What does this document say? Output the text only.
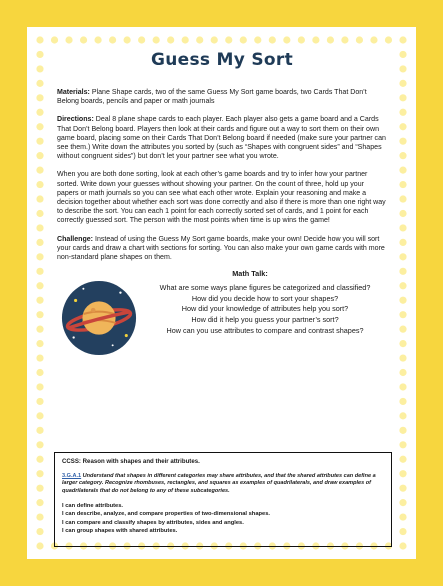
Guess My Sort

Materials: Plane Shape cards, two of the same Guess My Sort game boards, two Cards That Don’t Belong boards, pencils and paper or math journals

Directions: Deal 8 plane shape cards to each player. Each player also gets a game board and a Cards That Don’t Belong board. Players then look at their cards and figure out a way to sort them on their own game board, placing some on their Cards That Don’t Belong board if needed (make sure your partner can see them.) Write down the attributes you sorted by (such as “Shapes with congruent sides” and “Shapes without congruent sides”) but don’t let your partner see what you wrote.

When you are both done sorting, look at each other’s game boards and try to infer how your partner sorted. Write down your guesses without showing your partner. On the count of three, hold up your papers or math journals so you can see what each other wrote. Explain your reasoning and make a decision together about whether each sort was done correctly and also if there is more than one right way to describe the sort. You can each 1 point for each correctly sorted set of cards, and 1 point for each correctly guessed sort. The person with the most points when time is up wins the game!

Challenge: Instead of using the Guess My Sort game boards, make your own! Decide how you will sort your cards and draw a chart with sections for sorting. You can also make your own game cards with more non-standard plane shapes on them.

Math Talk:
What are some ways plane figures be categorized and classified?
How did you decide how to sort your shapes?
How did your knowledge of attributes help you sort?
How did it help you guess your partner’s sort?
How can you use attributes to compare and contrast shapes?
CCSS: Reason with shapes and their attributes.

3.G.A.1 Understand that shapes in different categories may share attributes, and that the shared attributes can define a larger category. Recognize rhombuses, rectangles, and squares as examples of quadrilaterals, and draw examples of quadrilaterals that do not belong to any of these subcategories.

I can define attributes.
I can describe, analyze, and compare properties of two-dimensional shapes.
I can compare and classify shapes by attributes, sides and angles.
I can group shapes with shared attributes.
